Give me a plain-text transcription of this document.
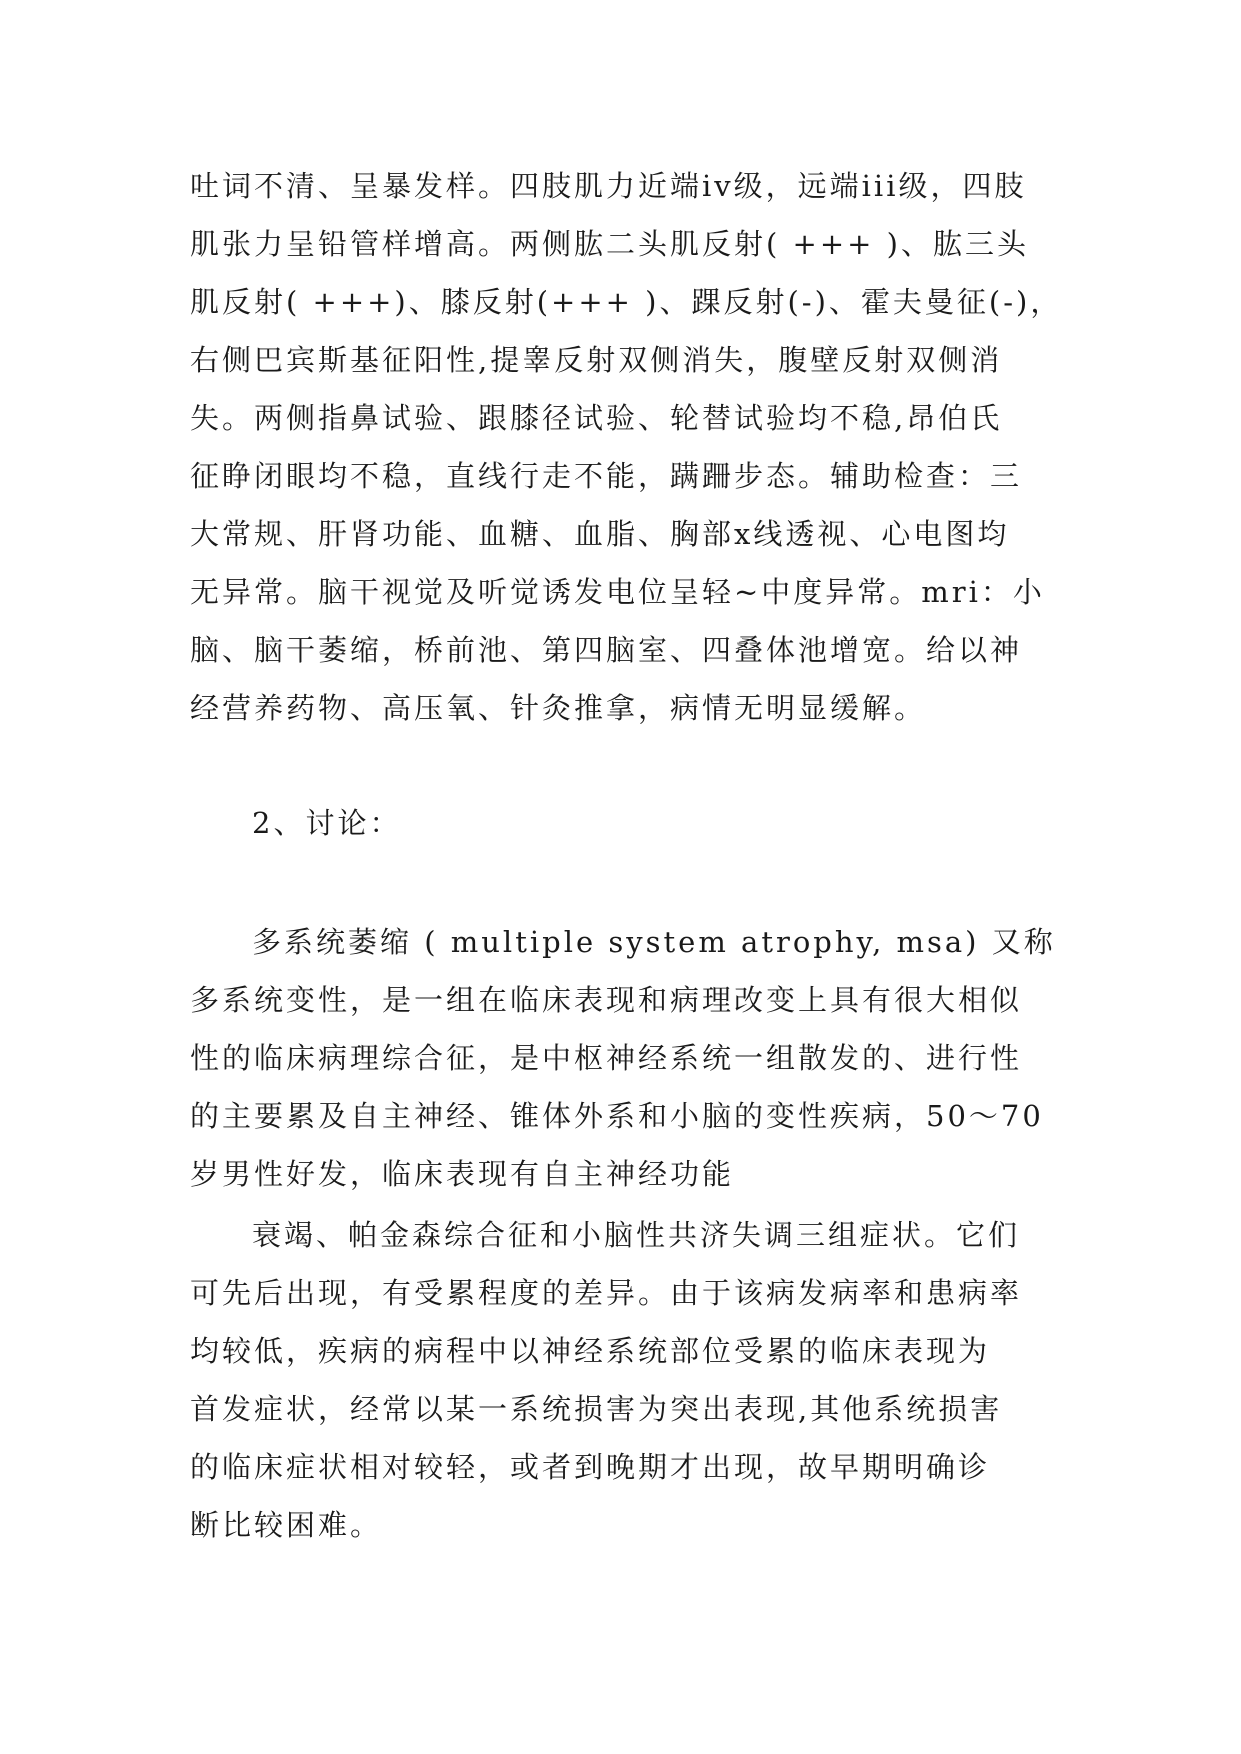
吐词不清、呈暴发样。四肢肌力近端iv级，远端iii级，四肢
肌张力呈铅管样增高。两侧肱二头肌反射( +++ )、肱三头
肌反射( +++)、膝反射(+++ )、踝反射(-)、霍夫曼征(-)，
右侧巴宾斯基征阳性,提睾反射双侧消失，腹壁反射双侧消
失。两侧指鼻试验、跟膝径试验、轮替试验均不稳,昂伯氏
征睁闭眼均不稳，直线行走不能，蹒跚步态。辅助检查：三
大常规、肝肾功能、血糖、血脂、胸部x线透视、心电图均
无异常。脑干视觉及听觉诱发电位呈轻~中度异常。mri：小
脑、脑干萎缩，桥前池、第四脑室、四叠体池增宽。给以神
经营养药物、高压氧、针灸推拿，病情无明显缓解。
2、讨论：
多系统萎缩 ( multiple system atrophy, msa) 又称
多系统变性，是一组在临床表现和病理改变上具有很大相似
性的临床病理综合征，是中枢神经系统一组散发的、进行性
的主要累及自主神经、锥体外系和小脑的变性疾病，50～70
岁男性好发，临床表现有自主神经功能
衰竭、帕金森综合征和小脑性共济失调三组症状。它们
可先后出现，有受累程度的差异。由于该病发病率和患病率
均较低，疾病的病程中以神经系统部位受累的临床表现为
首发症状，经常以某一系统损害为突出表现,其他系统损害
的临床症状相对较轻，或者到晚期才出现，故早期明确诊
断比较困难。
